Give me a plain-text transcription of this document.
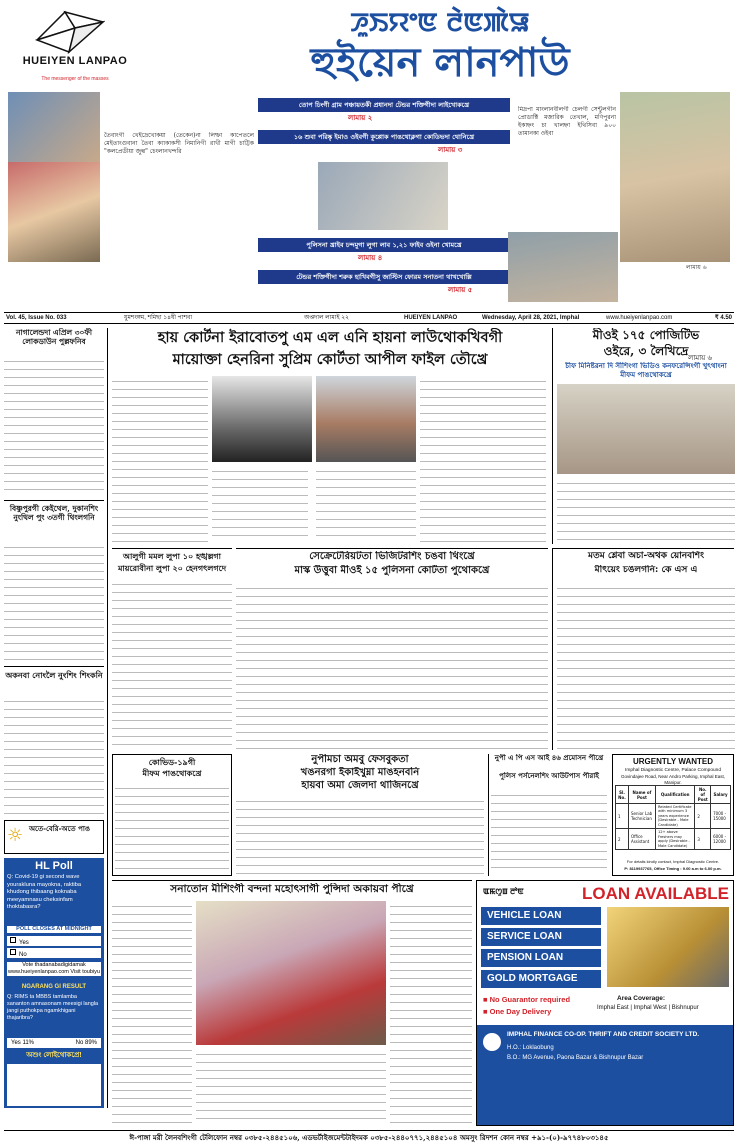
HUEIYEN LANPAO
The messenger of the masses
ꯍꯨꯏꯌꯦꯟ ꯂꯥꯟꯄꯥꯎ
হুইয়েন লানপাউ
তৈবাংগী খেইদ্রেখোকয়া (তেকেন)না লিম্ফা কাপেতলে মেইতাংগুবানা তৈবা ক্যাকাকসী নিমানিগী রাখী মাগী চাট্টিক "কলপ্রেডীয়া জুল্ব" চেংলানখন্দরি
তোপ চিংগী গ্রাম পঞ্চায়তকী প্রধানদা টেন্ডর শক্তিগীদা লাইখোকখ্রে
লামায় ২
১৬ শুবা পরিষ্কৃ ইমাও ওইবগী কুপ্পোক পাঙথোক্লগা কোডিভদা থোনিখ্রে
লামায় ৩
পুলিসনা খ্রাইব চন্দমুগা লুগা লাব ১,২১ ফাইব ওইনা খোমখ্রে
লামায় ৪
টেন্ডর শক্তিগীদা শরুক হাখিবগীসু জাস্টিস ফোরম সনাতনা থাখখোল্লি
লামায় ৫
মিদ্রপা মাংলানবীলগী চেলগী সেন্টুলগীন প্রোডাক্টি মজারিক তেখাল, মণিপুরনা ইকাহ্নং চা খালহ্না ইথিসিবা ৯০০ তামানকা ওইবা
লামায় ৬
লামায় ৬
Vol. 45, Issue No. 033	যুমশংঙ্গম, শমিছা ১৪ষী পাশবা	অপ্তদাল লামাই ২২	HUEIYEN LANPAO	Wednesday, April 28, 2021, Imphal	www.hueiyenlanpao.com	₹ 4.50
নাগালেন্ডদা এপ্রিল ৩০ফী লোকডাউন পুল্লফনিব
বিষ্ণুপুরগী কেইথেল, দুকানশিং নুংথিল পুং ৩তগী থিংলগনি
অকনবা নোংলৈ নুংশিং শিংকনি
☼ অতে-বেরি-অতে পাঙ
HL Poll
Q: Covid-19 gi second wave yourakluna mayokna, raktiba khudong thibaang koknaba meeyamnasu cheksinfam thoktabasra?
POLL CLOSES AT MIDNIGHT
Yes
No
Vote thadanabadigidamak www.hueiyenlanpao.com Visit toubiyu
NGARANG GI RESULT
Q: RIMS ta MBBS tamlamba sananton amnasonam meesigi langla jangi puthokpa ngamkhigani thajaribra?
Yes 11%	No 89%
অশুং লোইথোকপ্রে!
হায় কোর্টনা ইরাবোতপু এম এল এনি হায়না লাউথোকখিবগী
মায়োক্তা হেনরিনা সুপ্রিম কোর্টতা আপীল ফাইল তৌখ্রে
মীওই ১৭৫ পোজিটিভ
ওইরে, ৩ লৈখিদ্রে
চীফ মিনিষ্টরনা দি সীশিংগা ভিডিও কনফরেন্সিংগী খুৎথাংনা মীফম পাঙথোকখ্রে
আলুগী মমল লুপা ১০ হঙ্খল্লগা
মায়রোবীনা লুপা ২০ হেনগৎলগদে
সেক্রেটেরিয়টতা ভিজিটরশিং চঙবা থিংখ্রে
মাস্ক উত্তুবা মীওই ১৫ পুলিসনা কোর্টতা পুথোকখ্রে
মতম শ্লেবা অচা-অথক য়োনবশিং
মীৎয়েং চঙলগনি: কে এস এ
কোভিড-১৯গী
মীফম পাঙথোকখ্রে
নুপীমচা অমবু ফেসবুকতা
খঙনরগা ইকাইখুম্না মাঙহনবনি
হায়বা অমা জেলদা থাজিনখ্রে
নুপী এ পি এস আই ৪৬ প্রমোসন পীখ্রে
পুলিস পর্সনেলশিং আউটপাস পীরাই
URGENTLY WANTED
Imphal Diagnostic Centre, Palace Compound
Govindajee Road, Near Andro Parking, Imphal East, Manipur.
Sl. No.	Name of Post	Qualification	No. of Post	Salary
1	Senior Lab Technician	Related Certificate with minimum 3 years experience (Desirable - Male Candidate)	2	7000 - 15000
2	Office Assistant	12+ above Freshers may apply (Desirable - Male Candidate)	3	6000 - 12000
For details kindly contact, Imphal Diagnostic Centre.
P: 8119937765, Office Timing : 9.00 a.m to 6.00 p.m.
সনাতোন মীশিংগী বন্দনা মহোৎসাগী পুন্সিদা অকায়বা পীখ্রে	ꯑꯃꯁꯨꯡ ꯂꯣꯟ	LOAN AVAILABLE
VEHICLE LOAN
SERVICE LOAN
PENSION LOAN
GOLD MORTGAGE
■ No Guarantor required
■ One Day Delivery
Area Coverage:
Imphal East | Imphal West | Bishnupur
IMPHAL FINANCE CO-OP. THRIFT AND CREDIT SOCIETY LTD.
H.O.: Loklaobung
B.O.: MG Avenue, Paona Bazar & Bishnupur Bazar
ঈ-পাঙ্গা মরী লৈনবশিংগী টেলিফোন নম্বর ০৩৮৫-২৪৪৫১০৬, এডভর্টাইজমেন্টটাইদমক ০৩৮৫-২৪৪০৭৭১,২৪৪৫১০৪ অমসুং রিদশন কোন নম্বর +৯১-(০)-৯৭৭৪৮০৩১৪৫
